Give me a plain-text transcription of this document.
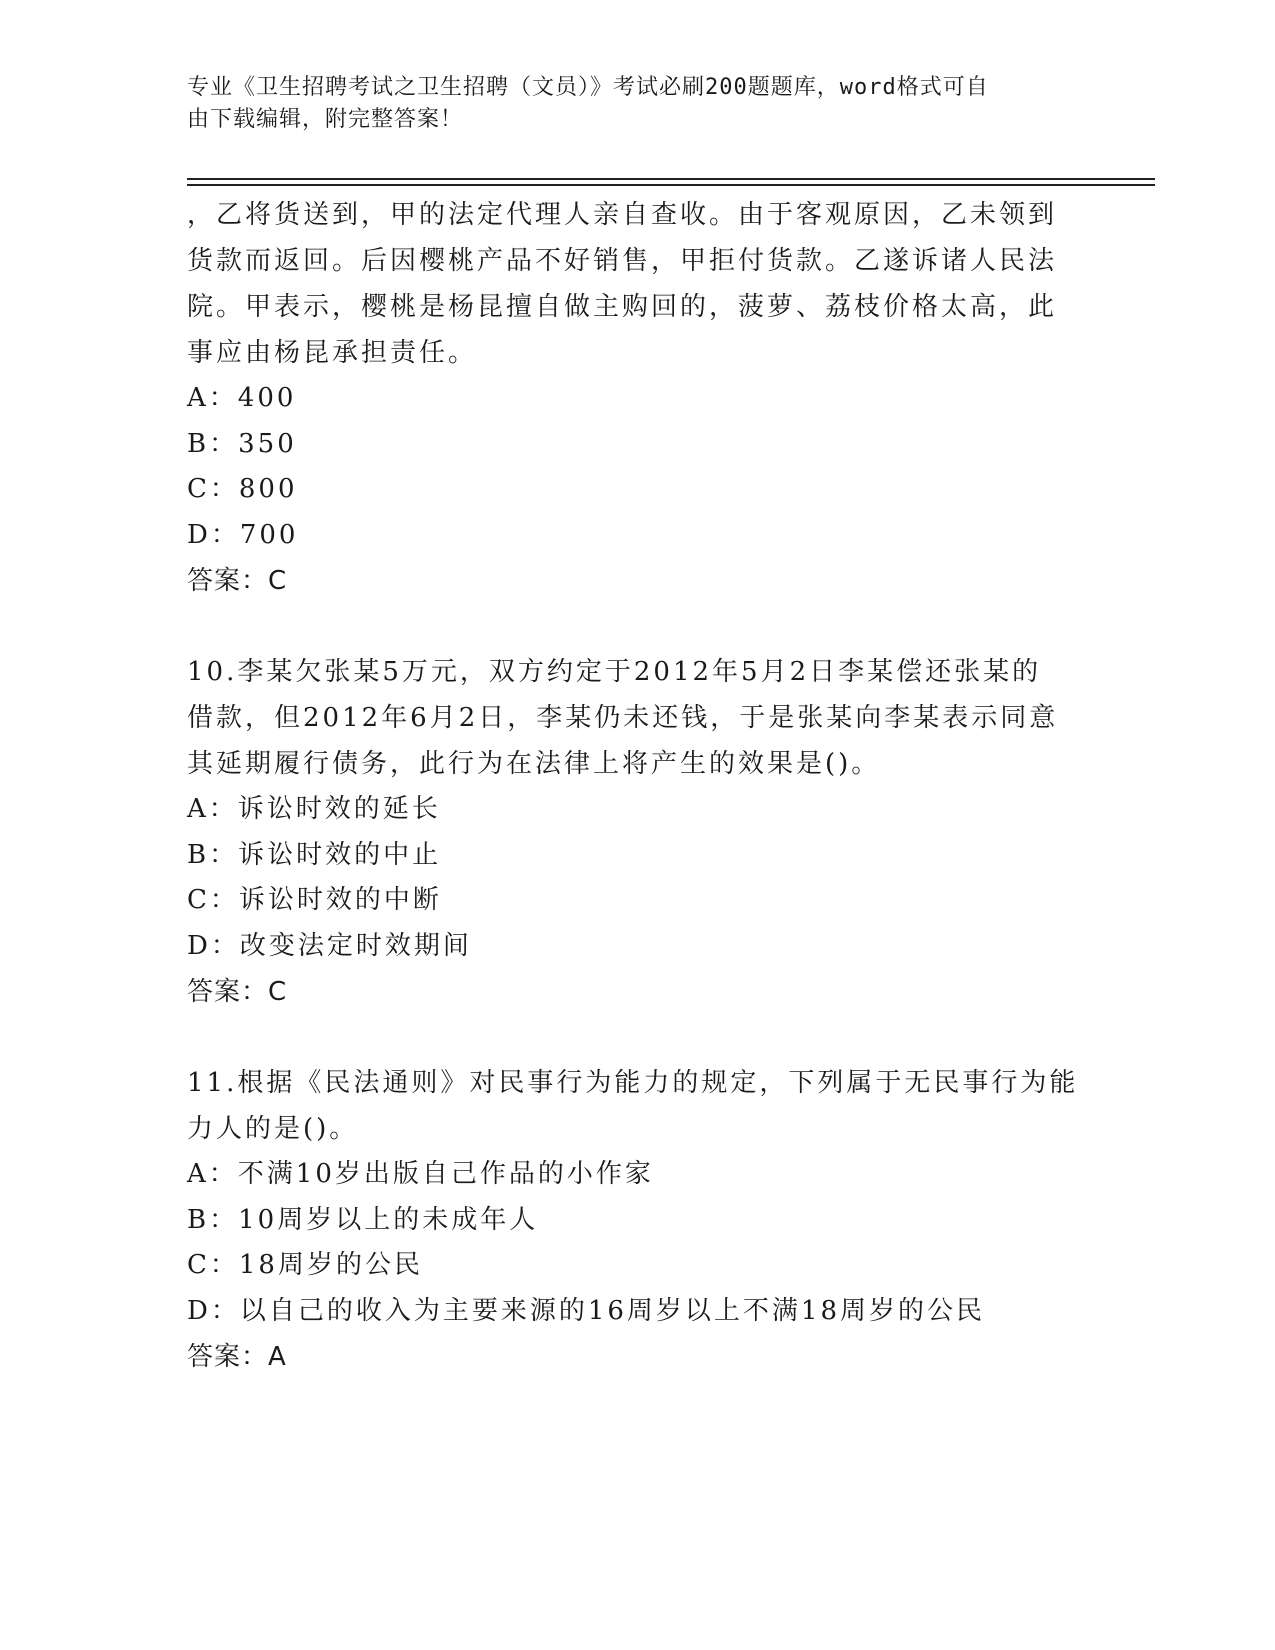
专业《卫生招聘考试之卫生招聘（文员）》考试必刷200题题库，word格式可自
由下载编辑，附完整答案！

，乙将货送到，甲的法定代理人亲自查收。由于客观原因，乙未领到

货款而返回。后因樱桃产品不好销售，甲拒付货款。乙遂诉诸人民法

院。甲表示，樱桃是杨昆擅自做主购回的，菠萝、荔枝价格太高，此

事应由杨昆承担责任。

A：400

B：350

C：800

D：700

答案：C

10.李某欠张某5万元，双方约定于2012年5月2日李某偿还张某的

借款，但2012年6月2日，李某仍未还钱，于是张某向李某表示同意

其延期履行债务，此行为在法律上将产生的效果是()。

A：诉讼时效的延长

B：诉讼时效的中止

C：诉讼时效的中断

D：改变法定时效期间

答案：C

11.根据《民法通则》对民事行为能力的规定，下列属于无民事行为能

力人的是()。

A：不满10岁出版自己作品的小作家

B：10周岁以上的未成年人

C：18周岁的公民

D：以自己的收入为主要来源的16周岁以上不满18周岁的公民

答案：A
